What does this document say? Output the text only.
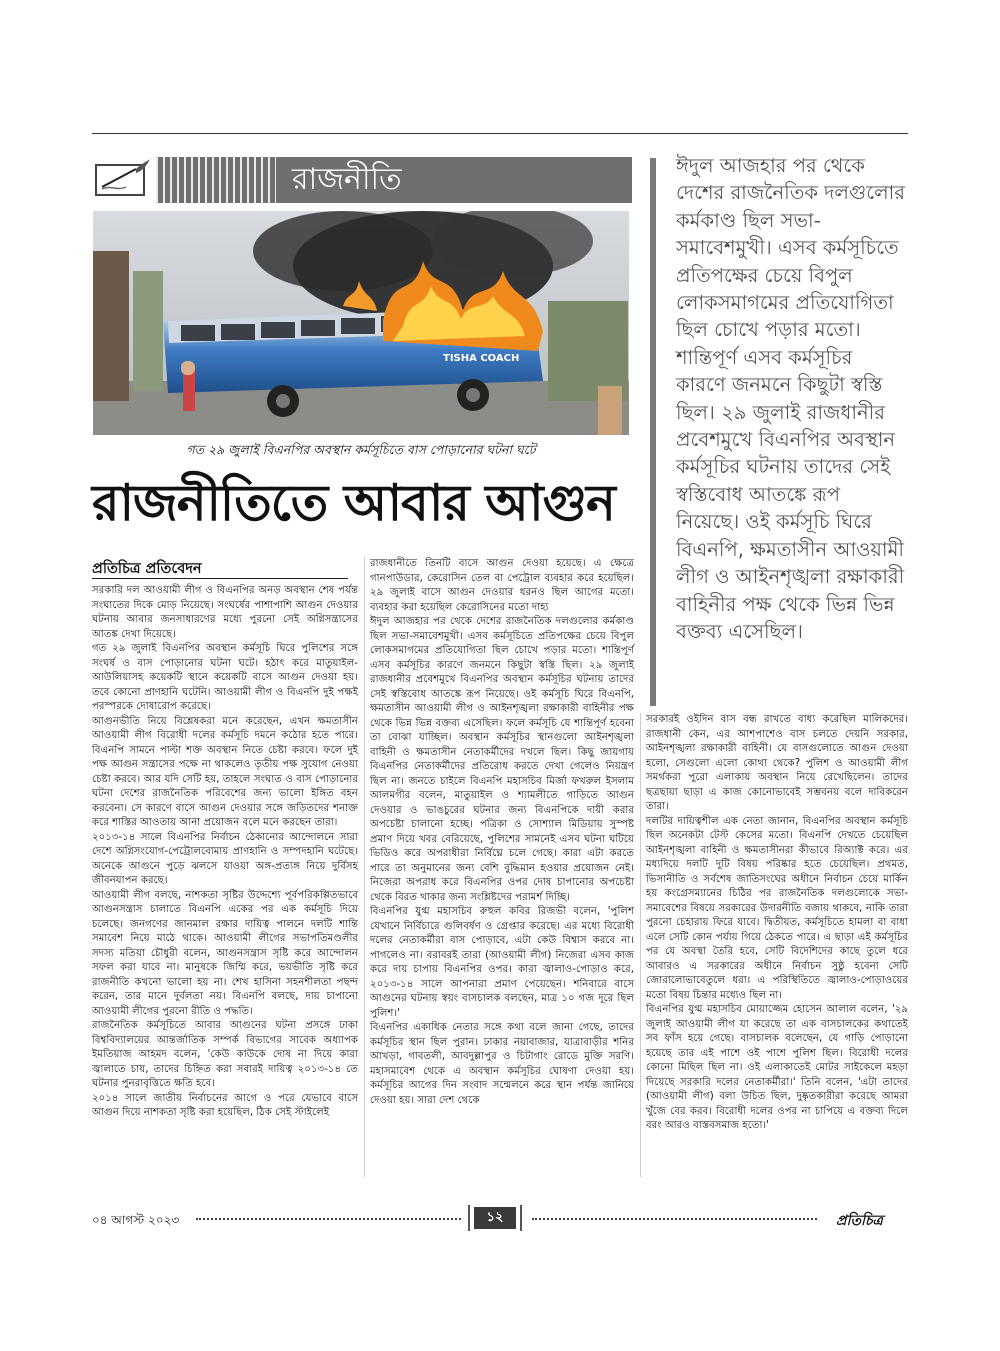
রাজনীতি
TISHA COACH
গত ২৯ জুলাই বিএনপির অবস্থান কর্মসূচিতে বাস পোড়ানোর ঘটনা ঘটে
রাজনীতিতে আবার আগুন

ঈদুল আজহার পর থেকে দেশের রাজনৈতিক দলগুলোর কর্মকাণ্ড ছিল সভা-সমাবেশমুখী। এসব কর্মসূচিতে প্রতিপক্ষের চেয়ে বিপুল লোকসমাগমের প্রতিযোগিতা ছিল চোখে পড়ার মতো। শান্তিপূর্ণ এসব কর্মসূচির কারণে জনমনে কিছুটা স্বস্তি ছিল। ২৯ জুলাই রাজধানীর প্রবেশমুখে বিএনপির অবস্থান কর্মসূচির ঘটনায় তাদের সেই স্বস্তিবোধ আতঙ্কে রূপ নিয়েছে। ওই কর্মসূচি ঘিরে বিএনপি, ক্ষমতাসীন আওয়ামী লীগ ও আইনশৃঙ্খলা রক্ষাকারী বাহিনীর পক্ষ থেকে ভিন্ন ভিন্ন বক্তব্য এসেছিল।

প্রতিচিত্র প্রতিবেদন

সরকারি দল আওয়ামী লীগ ও বিএনপির অনড় অবস্থান শেষ পর্যন্ত সংঘাতের দিকে মোড় নিয়েছে। সংঘর্ষের পাশাপাশি আগুন দেওয়ার ঘটনায় আবার জনসাধারণের মধ্যে পুরনো সেই অগ্নিসন্ত্রাসের আতঙ্ক দেখা দিয়েছে।

গত ২৯ জুলাই বিএনপির অবস্থান কর্মসূচি ঘিরে পুলিশের সঙ্গে সংঘর্ষ ও বাস পোড়ানোর ঘটনা ঘটে। হঠাৎ করে মাতুয়াইল-আউলিয়াসহ কয়েকটি স্থানে কয়েকটি বাসে আগুন দেওয়া হয়। তবে কোনো প্রাণহানি ঘটেনি। আওয়ামী লীগ ও বিএনপি দুই পক্ষই পরস্পরকে দোষারোপ করেছে।

আগুনভীতি নিয়ে বিশ্লেষকরা মনে করেছেন, এখন ক্ষমতাসীন আওয়ামী লীগ বিরোধী দলের কর্মসূচি দমনে কঠোর হতে পারে। বিএনপি সামনে পাল্টা শক্ত অবস্থান নিতে চেষ্টা করবে। ফলে দুই পক্ষ আগুন সন্ত্রাসের পক্ষে না থাকলেও তৃতীয় পক্ষ সুযোগ নেওয়া চেষ্টা করবে। আর যদি সেটি হয়, তাহলে সংঘাত ও বাস পোড়ানোর ঘটনা দেশের রাজনৈতিক পরিবেশের জন্য ভালো ইঙ্গিত বহন করবেনা। সে কারণে বাসে আগুন দেওয়ার সঙ্গে জড়িতদের শনাক্ত করে শাস্তির আওতায় আনা প্রয়োজন বলে মনে করছেন তারা।

২০১৩-১৪ সালে বিএনপির নির্বাচন ঠেকানোর আন্দোলনে সারা দেশে অগ্নিসংযোগ-পেট্রোলবোমায় প্রাণহানি ও সম্পদহানি ঘটেছে। অনেকে আগুনে পুড়ে ঝলসে যাওয়া অঙ্গ-প্রত্যঙ্গ নিয়ে দুর্বিসহ জীবনযাপন করছে।

আওয়ামী লীগ বলছে, নাশকতা সৃষ্টির উদ্দেশ্যে পূর্বপরিকল্পিতভাবে আগুনসন্ত্রাস চালাতে বিএনপি একের পর এক কর্মসূচি দিয়ে চলেছে। জনগণের জানমাল রক্ষার দায়িত্ব পালনে দলটি শান্তি সমাবেশ নিয়ে মাঠে থাকে। আওয়ামী লীগের সভাপতিমণ্ডলীর সদস্য মতিয়া চৌধুরী বলেন, আগুনসন্ত্রাস সৃষ্টি করে আন্দোলন সফল করা যাবে না। মানুষকে জিম্মি করে, ভয়ভীতি সৃষ্টি করে রাজনীতি কখনো ভালো হয় না। শেখ হাসিনা সহনশীলতা পছন্দ করেন, তার মানে দুর্বলতা নয়। বিএনপি বলছে, দায় চাপানো আওয়ামী লীগের পুরনো রীতি ও পদ্ধতি।

রাজনৈতিক কর্মসূচিতে আবার আগুনের ঘটনা প্রসঙ্গে ঢাকা বিশ্ববিদ্যালয়ের আন্তর্জাতিক সম্পর্ক বিভাগের সাবেক অধ্যাপক ইমতিয়াজ আহমদ বলেন, 'কেউ কাউকে দোষ না দিয়ে কারা জ্বালাতে চায়, তাদের চিহ্নিত করা সবারই দায়িত্ব ২০১৩-১৪ তে ঘটনার পুনরাবৃত্তিতে ক্ষতি হবে।

২০১৪ সালে জাতীয় নির্বাচনের আগে ও পরে যেভাবে বাসে আগুন দিয়ে নাশকতা সৃষ্টি করা হয়েছিল, ঠিক সেই স্টাইলেই

রাজধানীতে তিনটি বাসে আগুন দেওয়া হয়েছে। এ ক্ষেত্রে গানপাউডার, কেরোসিন তেল বা পেট্রোল ব্যবহার করে হয়েছিল। ২৯ জুলাই বাসে আগুন দেওয়ার ধরনও ছিল আগের মতো। ব্যবহার করা হয়েছিল কেরোসিনের মতো দাহ্য

ঈদুল আজহার পর থেকে দেশের রাজনৈতিক দলগুলোর কর্মকাণ্ড ছিল সভা-সমাবেশমুখী। এসব কর্মসূচিতে প্রতিপক্ষের চেয়ে বিপুল লোকসমাগমের প্রতিযোগিতা ছিল চোখে পড়ার মতো। শান্তিপূর্ণ এসব কর্মসূচির কারণে জনমনে কিছুটা স্বস্তি ছিল। ২৯ জুলাই রাজধানীর প্রবেশমুখে বিএনপির অবস্থান কর্মসূচির ঘটনায় তাদের সেই স্বস্তিবোধ আতঙ্কে রূপ নিয়েছে। ওই কর্মসূচি ঘিরে বিএনপি, ক্ষমতাসীন আওয়ামী লীগ ও আইনশৃঙ্খলা রক্ষাকারী বাহিনীর পক্ষ থেকে ভিন্ন ভিন্ন বক্তব্য এসেছিল। ফলে কর্মসূচি যে শান্তিপূর্ণ হবেনা তা বোঝা যাচ্ছিল। অবস্থান কর্মসূচির স্থানগুলো আইনশৃঙ্খলা বাহিনী ও ক্ষমতাসীন নেতাকর্মীদের দখলে ছিল। কিছু জায়গায় বিএনপির নেতাকর্মীদের প্রতিরোধ করতে দেখা গেলেও নিয়ন্ত্রণ ছিল না। জনতে চাইলে বিএনপি মহাসচিব মির্জা ফখরুল ইসলাম আলমগীর বলেন, মাতুয়াইল ও শ্যামলীতে গাড়িতে আগুন দেওয়ার ও ভাঙচুরের ঘটনার জন্য বিএনপিকে দায়ী করার অপচেষ্টা চালানো হচ্ছে। পত্রিকা ও সোশ্যাল মিডিয়ায় সুস্পষ্ট প্রমাণ দিয়ে খবর বেরিয়েছে, পুলিশের সামনেই এসব ঘটনা ঘটিয়ে ভিডিও করে অপরাধীরা নির্বিঘ্নে চলে গেছে। কারা এটা করতে পারে তা অনুমানের জন্য বেশি বুদ্ধিমান হওয়ার প্রয়োজন নেই। নিজেরা অপরাধ করে বিএনপির ওপর দোষ চাপানোর অপচেষ্টা থেকে বিরত থাকার জন্য সংশ্লিষ্টদের পরামর্শ দিচ্ছি।

বিএনপির যুগ্ম মহাসচিব রুহুল কবির রিজভী বলেন, 'পুলিশ যেখানে নির্বিচারে গুলিবর্ষণ ও গ্রেপ্তার করেছে। এর মধ্যে বিরোধী দলের নেতাকর্মীরা বাস পোড়াবে, এটা কেউ বিশ্বাস করবে না। পাগলেও না। বরাবরই তারা (আওয়ামী লীগ) নিজেরা এসব কাজ করে দায় চাপায় বিএনপির ওপর। কারা জ্বালাও-পোড়াও করে, ২০১৩-১৪ সালে আপনারা প্রমাণ পেয়েছেন। শনিবারে বাসে আগুনের ঘটনায় স্বয়ং বাসচালক বলছেন, মাত্র ১০ গজ দূরে ছিল পুলিশ।'

বিএনপির একাধিক নেতার সঙ্গে কথা বলে জানা গেছে, তাদের কর্মসূচির স্থান ছিল পুরান। ঢাকার নয়াবাজার, যাত্রাবাড়ীর শনির আখড়া, গাবতলী, আবদুল্লাপুর ও চিটাগাং রোডে মুক্তি সরণি। মহাসমাবেশ থেকে এ অবস্থান কর্মসূচির ঘোষণা দেওয়া হয়। কর্মসূচির আগের দিন সংবাদ সম্মেলনে করে স্থান পর্যন্ত জানিয়ে দেওয়া হয়। সারা দেশ থেকে

সরকারই ওইদিন বাস বন্ধ রাখতে বাধ্য করেছিল মালিকদের। রাজধানী কেন, এর আশপাশেও বাস চলতে দেয়নি সরকার, আইনশৃঙ্খলা রক্ষাকারী বাহিনী। যে বাসগুলোতে আগুন দেওয়া হলো, সেগুলো এলো কোথা থেকে? পুলিশ ও আওয়ামী লীগ সমর্থকরা পুরো এলাকায় অবস্থান নিয়ে রেখেছিলেন। তাদের ছত্রছায়া ছাড়া এ কাজ কোনোভাবেই সম্ভবনয় বলে দাবিকরেন তারা।

দলটির দায়িত্বশীল এক নেতা জানান, বিএনপির অবস্থান কর্মসূচি ছিল অনেকটা টেস্ট কেসের মতো। বিএনপি দেখতে চেয়েছিল আইনশৃঙ্খলা বাহিনী ও ক্ষমতাসীনরা কীভাবে রিঅ্যাক্ট করে। এর মধ্যদিয়ে দলটি দুটি বিষয় পরিষ্কার হতে চেয়েছিল। প্রথমত, ভিসানীতি ও সর্বশেষ জাতিসংঘের অধীনে নির্বাচন চেয়ে মার্কিন হয় কংগ্রেসম্যানের চিঠির পর রাজনৈতিক দলগুলোকে সভা-সমাবেশের বিষয়ে সরকারের উদারনীতি বজায় থাকবে, নাকি তারা পুরনো চেহারায় ফিরে যাবে। দ্বিতীয়ত, কর্মসূচিতে হামলা বা বাধা এলে সেটি কোন পর্যায় গিয়ে ঠেকতে পারে। এ ছাড়া এই কর্মসূচির পর যে অবস্থা তৈরি হবে, সেটি বিদেশিদের কাছে তুলে ধরে আবারও এ সরকারের অধীনে নির্বাচন সুষ্ঠু হবেনা সেটি জোরালোভাবেতুলে ধরা। এ পরিস্থিতিতে জ্বালাও-পোড়াওয়ের মতো বিষয় চিন্তার মধ্যেও ছিল না।

বিএনপির যুগ্ম মহাসচিব মোয়াজ্জেম হোসেন আলাল বলেন, '২৯ জুলাই আওয়ামী লীগ যা করেছে তা এক বাসচালকের কথাতেই সব ফাঁস হয়ে গেছে। বাসচালক বলেছেন, যে গাড়ি পোড়ানো হয়েছে তার এই পাশে ওই পাশে পুলিশ ছিল। বিরোধী দলের কোনো মিছিল ছিল না। ওই এলাকাতেই মোটর সাইকেলে মহড়া দিয়েছে সরকারি দলের নেতাকর্মীরা।' তিনি বলেন, 'এটা তাদের (আওয়ামী লীগ) বলা উচিত ছিল, দুষ্কৃতকারীরা করেছে আমরা খুঁজে বের করব। বিরোধী দলের ওপর না চাপিয়ে এ বক্তব্য দিলে বরং আরও বাস্তবসমাজ হতো।'

০৪ আগস্ট ২০২৩	১২	প্রতিচিত্র
